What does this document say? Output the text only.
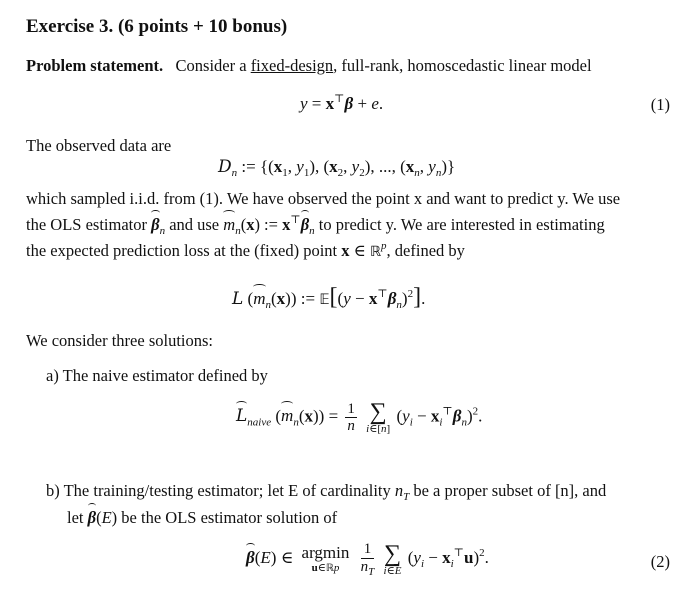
Exercise 3. (6 points + 10 bonus)
Problem statement. Consider a fixed-design, full-rank, homoscedastic linear model
y = x⊤β + e.	(1)
The observed data are
$D_n$ := {($x_1$, $y_1$), ($x_2$, $y_2$), ..., ($x_n$, $y_n$)}
which sampled i.i.d. from (1). We have observed the point x and want to predict y. We use
the OLS estimator $\beta_n$ and use $m_n(x)$ := $x^⊤\beta_n$ to predict y. We are interested in estimating
the expected prediction loss at the (fixed) point x ∈ ℝ$^p$, defined by
L $(m_n(x))$ := 𝔼[(y − $x^⊤\beta_n)^2$].
We consider three solutions:
a) The naive estimator defined by
$L_{naive}$ $(m_n(x)) = \frac{1}{n}$
∑
i∈[n]
$(y_i - x_i^⊤\beta_n)^2$.
b) The training/testing estimator; let E of cardinality $n_T$ be a proper subset of [n], and
let β(E) be the OLS estimator solution of
β(E) ∈ argmin
u∈ℝp
	$\frac{1}{n_T}$
∑
i∈E
$(y_i - x_i^⊤u)^2$.	(2)
